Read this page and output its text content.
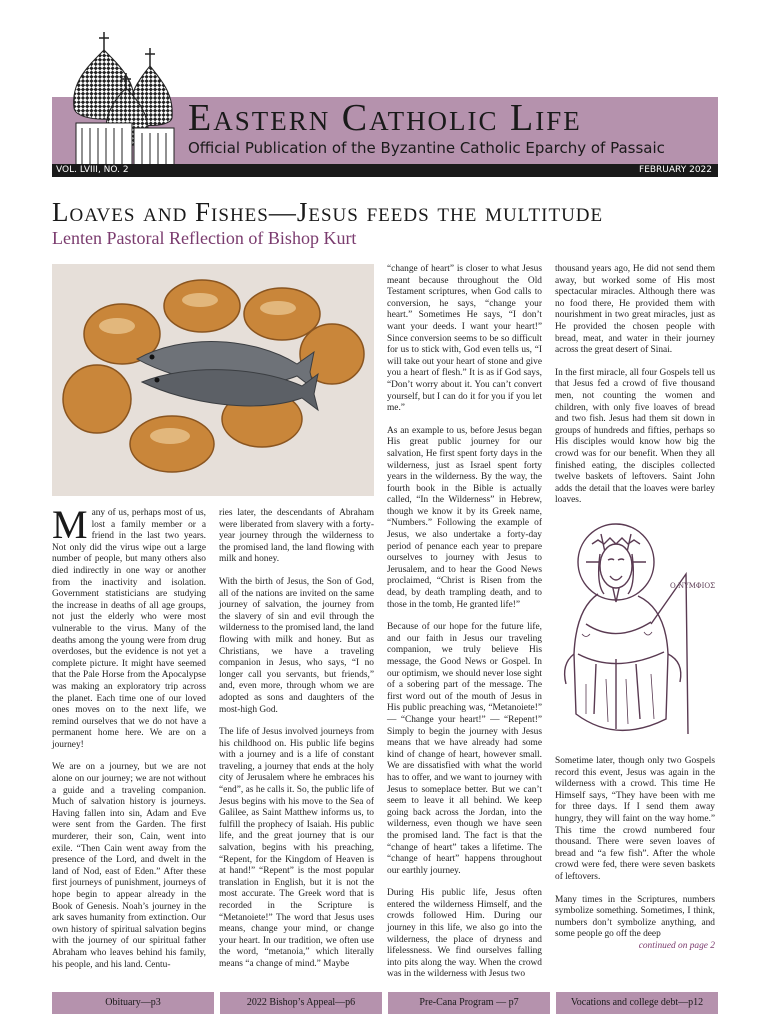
Eastern Catholic Life
Official Publication of the Byzantine Catholic Eparchy of Passaic
VOL. LVIII, NO. 2	FEBRUARY 2022
Loaves and Fishes—Jesus feeds the multitude
Lenten Pastoral Reflection of Bishop Kurt

Many of us, perhaps most of us, lost a family member or a friend in the last two years. Not only did the virus wipe out a large number of people, but many others also died indirectly in one way or another from the inactivity and isolation. Government statisticians are studying the increase in deaths of all age groups, not just the elderly who were most vulnerable to the virus. Many of the deaths among the young were from drug overdoses, but the evidence is not yet a complete picture. It might have seemed that the Pale Horse from the Apocalypse was making an exploratory trip across the planet. Each time one of our loved ones moves on to the next life, we remind ourselves that we do not have a permanent home here. We are on a journey!

We are on a journey, but we are not alone on our journey; we are not without a guide and a traveling companion. Much of salvation history is journeys. Having fallen into sin, Adam and Eve were sent from the Garden. The first murderer, their son, Cain, went into exile. “Then Cain went away from the presence of the Lord, and dwelt in the land of Nod, east of Eden.” After these first journeys of punishment, journeys of hope begin to appear already in the Book of Genesis. Noah’s journey in the ark saves humanity from extinction. Our own history of spiritual salvation begins with the journey of our spiritual father Abraham who leaves behind his family, his people, and his land. Centu-

ries later, the descendants of Abraham were liberated from slavery with a forty-year journey through the wilderness to the promised land, the land flowing with milk and honey.

With the birth of Jesus, the Son of God, all of the nations are invited on the same journey of salvation, the journey from the slavery of sin and evil through the wilderness to the promised land, the land flowing with milk and honey. But as Christians, we have a traveling companion in Jesus, who says, “I no longer call you servants, but friends,” and, even more, through whom we are adopted as sons and daughters of the most-high God.

The life of Jesus involved journeys from his childhood on. His public life begins with a journey and is a life of constant traveling, a journey that ends at the holy city of Jerusalem where he embraces his “end”, as he calls it. So, the public life of Jesus begins with his move to the Sea of Galilee, as Saint Matthew informs us, to fulfill the prophecy of Isaiah. His public life, and the great journey that is our salvation, begins with his preaching, “Repent, for the Kingdom of Heaven is at hand!” “Repent” is the most popular translation in English, but it is not the most accurate. The Greek word that is recorded in the Scripture is “Metanoiete!” The word that Jesus uses means, change your mind, or change your heart. In our tradition, we often use the word, “metanoia,” which literally means “a change of mind.” Maybe

“change of heart” is closer to what Jesus meant because throughout the Old Testament scriptures, when God calls to conversion, he says, “change your heart.” Sometimes He says, “I don’t want your deeds. I want your heart!” Since conversion seems to be so difficult for us to stick with, God even tells us, “I will take out your heart of stone and give you a heart of flesh.” It is as if God says, “Don’t worry about it. You can’t convert yourself, but I can do it for you if you let me.”

As an example to us, before Jesus began His great public journey for our salvation, He first spent forty days in the wilderness, just as Israel spent forty years in the wilderness. By the way, the fourth book in the Bible is actually called, “In the Wilderness” in Hebrew, though we know it by its Greek name, “Numbers.” Following the example of Jesus, we also undertake a forty-day period of penance each year to prepare ourselves to journey with Jesus to Jerusalem, and to hear the Good News proclaimed, “Christ is Risen from the dead, by death trampling death, and to those in the tomb, He granted life!”

Because of our hope for the future life, and our faith in Jesus our traveling companion, we truly believe His message, the Good News or Gospel. In our optimism, we should never lose sight of a sobering part of the message. The first word out of the mouth of Jesus in His public preaching was, “Metanoiete!” — “Change your heart!” — “Repent!” Simply to begin the journey with Jesus means that we have already had some kind of change of heart, however small. We are dissatisfied with what the world has to offer, and we want to journey with Jesus to someplace better. But we can’t seem to leave it all behind. We keep going back across the Jordan, into the wilderness, even though we have seen the promised land. The fact is that the “change of heart” takes a lifetime. The “change of heart” happens throughout our earthly journey.

During His public life, Jesus often entered the wilderness Himself, and the crowds followed Him. During our journey in this life, we also go into the wilderness, the place of dryness and lifelessness. We find ourselves falling into pits along the way. When the crowd was in the wilderness with Jesus two

thousand years ago, He did not send them away, but worked some of His most spectacular miracles. Although there was no food there, He provided them with nourishment in two great miracles, just as He provided the chosen people with bread, meat, and water in their journey across the great desert of Sinai.

In the first miracle, all four Gospels tell us that Jesus fed a crowd of five thousand men, not counting the women and children, with only five loaves of bread and two fish. Jesus had them sit down in groups of hundreds and fifties, perhaps so His disciples would know how big the crowd was for our benefit. When they all finished eating, the disciples collected twelve baskets of leftovers. Saint John adds the detail that the loaves were barley loaves.

Ο ΝΥΜΦΙΟΣ

Sometime later, though only two Gospels record this event, Jesus was again in the wilderness with a crowd. This time He Himself says, “They have been with me for three days. If I send them away hungry, they will faint on the way home.” This time the crowd numbered four thousand. There were seven loaves of bread and “a few fish”. After the whole crowd were fed, there were seven baskets of leftovers.

Many times in the Scriptures, numbers symbolize something. Sometimes, I think, numbers don’t symbolize anything, and some people go off the deep

continued on page 2
Obituary—p3	2022 Bishop’s Appeal—p6	Pre-Cana Program — p7	Vocations and college debt—p12
